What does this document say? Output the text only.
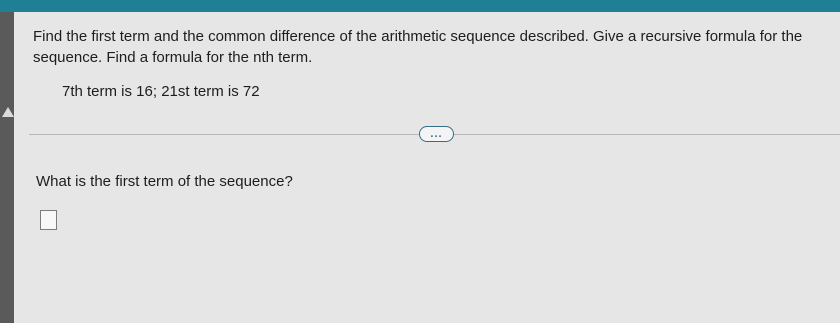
Find the first term and the common difference of the arithmetic sequence described. Give a recursive formula for the sequence. Find a formula for the nth term.
7th term is 16; 21st term is 72
...
What is the first term of the sequence?
